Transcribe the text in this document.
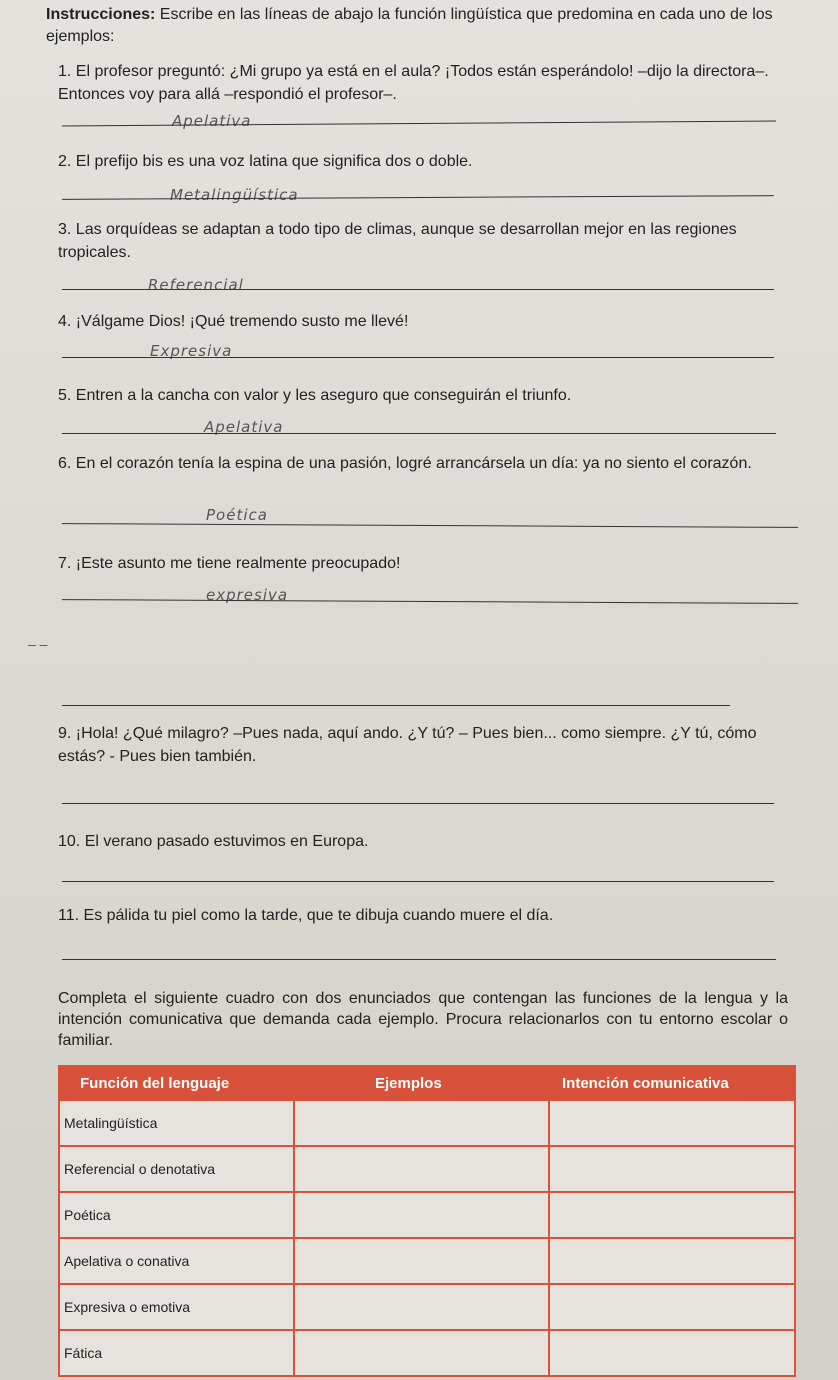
Instrucciones: Escribe en las líneas de abajo la función lingüística que predomina en cada uno de los ejemplos:
1. El profesor preguntó: ¿Mi grupo ya está en el aula? ¡Todos están esperándolo! –dijo la directora–. Entonces voy para allá –respondió el profesor–.
Apelativa
2. El prefijo bis es una voz latina que significa dos o doble.
Metalingüística
3. Las orquídeas se adaptan a todo tipo de climas, aunque se desarrollan mejor en las regiones tropicales.
Referencial
4. ¡Válgame Dios! ¡Qué tremendo susto me llevé!
Expresiva
5. Entren a la cancha con valor y les aseguro que conseguirán el triunfo.
Apelativa
6. En el corazón tenía la espina de una pasión, logré arrancársela un día: ya no siento el corazón.
Poética
7. ¡Este asunto me tiene realmente preocupado!
expresiva
– –
9. ¡Hola! ¿Qué milagro? –Pues nada, aquí ando. ¿Y tú? – Pues bien... como siempre. ¿Y tú, cómo estás? - Pues bien también.
10. El verano pasado estuvimos en Europa.
11. Es pálida tu piel como la tarde, que te dibuja cuando muere el día.
Completa el siguiente cuadro con dos enunciados que contengan las funciones de la lengua y la intención comunicativa que demanda cada ejemplo. Procura relacionarlos con tu entorno escolar o familiar.
Función del lenguaje	Ejemplos	Intención comunicativa
Metalingüística		
Referencial o denotativa		
Poética		
Apelativa o conativa		
Expresiva o emotiva		
Fática		
